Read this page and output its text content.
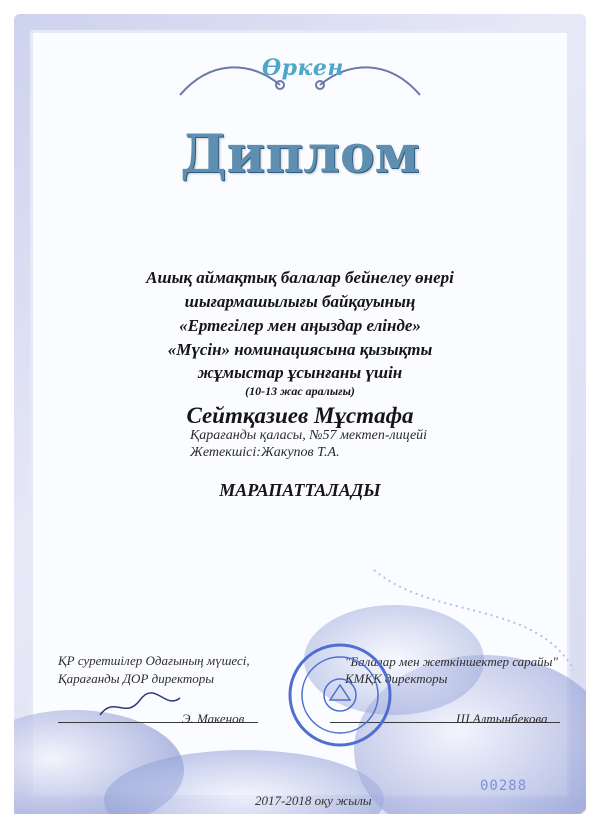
Өркен
Диплом
Ашық аймақтық балалар бейнелеу өнері
шығармашылығы байқауының
«Ертегілер мен аңыздар елінде»
«Мүсін» номинациясына қызықты
жұмыстар ұсынғаны үшін
(10-13 жас аралығы)
Сейтқазиев Мұстафа
Қарағанды қаласы, №57 мектеп-лицейі
Жетекшісі:Жакупов Т.А.
МАРАПАТТАЛАДЫ
ҚР суретшілер Одағының мүшесі,
Қарағанды ДОР директоры
Э. Макенов
"Балалар мен жеткіншектер сарайы"
КМҚК директоры
Ш.Алтынбекова
2017-2018 оқу жылы
00288
